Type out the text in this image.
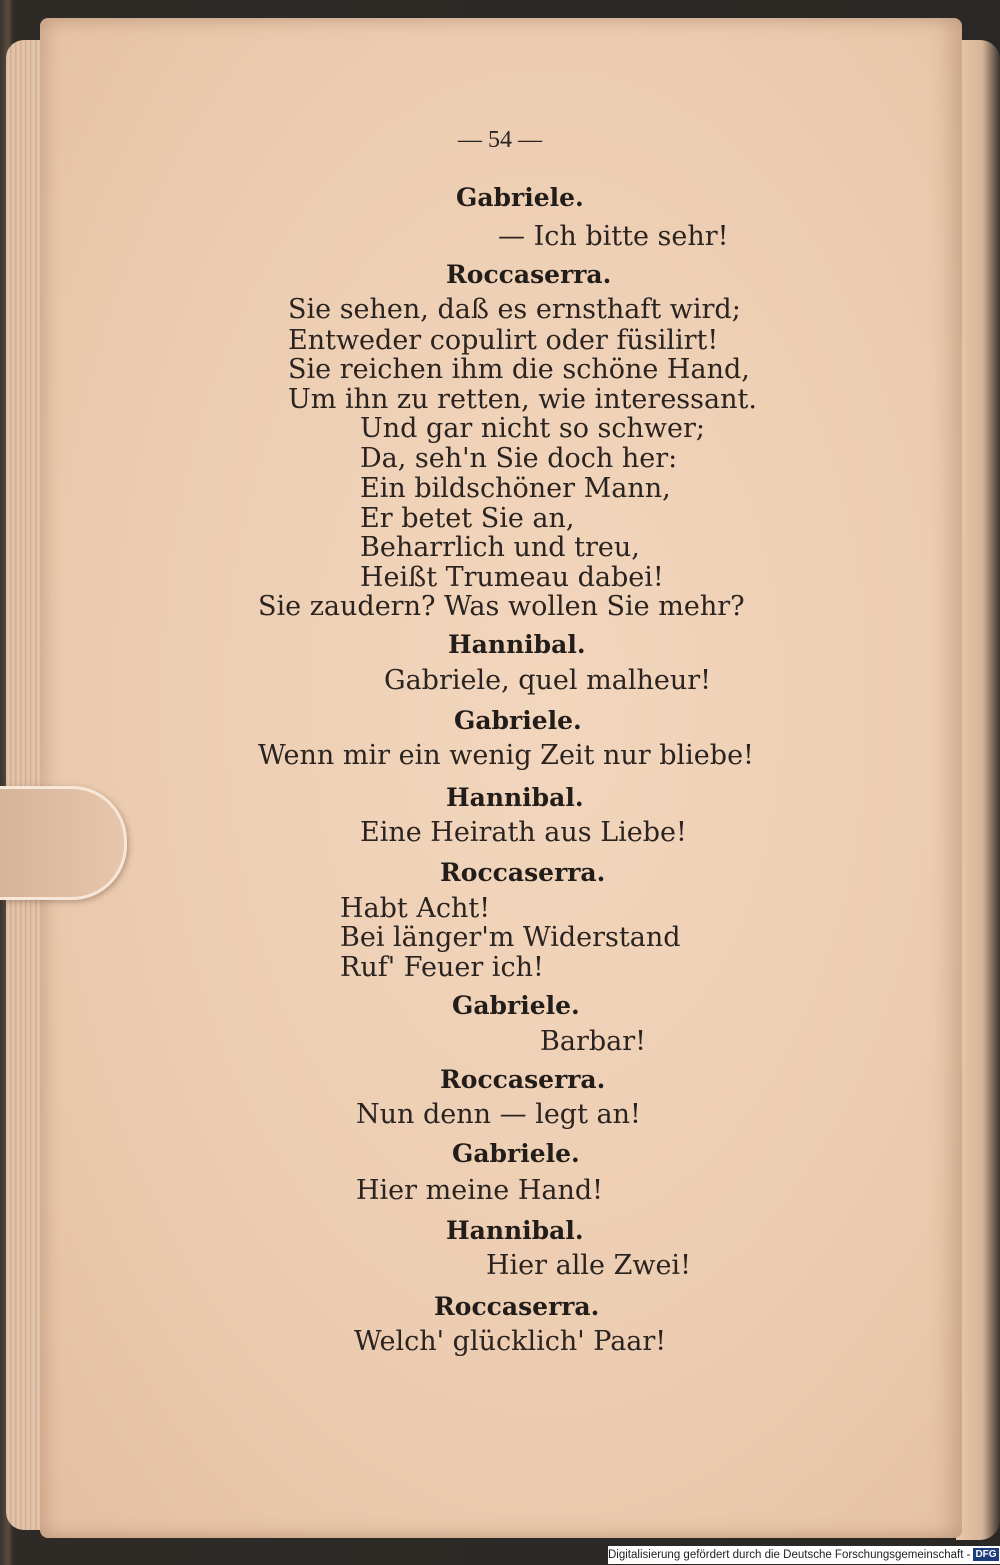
— 54 —
Gabriele.
— Ich bitte sehr!
Roccaserra.
Sie sehen, daß es ernsthaft wird;
Entweder copulirt oder füsilirt!
Sie reichen ihm die schöne Hand,
Um ihn zu retten, wie interessant.
Und gar nicht so schwer;
Da, seh'n Sie doch her:
Ein bildschöner Mann,
Er betet Sie an,
Beharrlich und treu,
Heißt Trumeau dabei!
Sie zaudern? Was wollen Sie mehr?
Hannibal.
Gabriele, quel malheur!
Gabriele.
Wenn mir ein wenig Zeit nur bliebe!
Hannibal.
Eine Heirath aus Liebe!
Roccaserra.
Habt Acht!
Bei länger'm Widerstand
Ruf' Feuer ich!
Gabriele.
Barbar!
Roccaserra.
Nun denn — legt an!
Gabriele.
Hier meine Hand!
Hannibal.
Hier alle Zwei!
Roccaserra.
Welch' glücklich' Paar!
Digitalisierung gefördert durch die Deutsche Forschungsgemeinschaft - DFG
